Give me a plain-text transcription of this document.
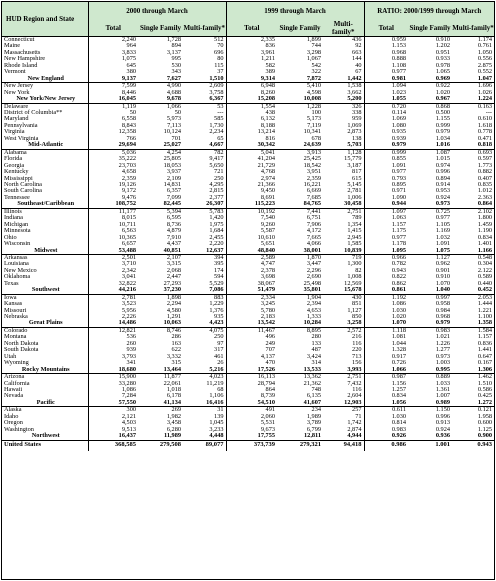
HUD Region and State	2000 through March			1999 through March			RATIO: 2000/1999 through March		
	Total	Single Family	Multi-family*	Total	Single Family	Multi-family*	Total	Single Family	Multi-family*
Connecticut	2,240	1,728	512	2,335	1,899	436	0.959	0.910	1.174
Maine	964	894	70	836	744	92	1.153	1.202	0.761
Massachusetts	3,833	3,137	696	3,961	3,298	663	0.968	0.951	1.050
New Hampshire	1,075	995	80	1,211	1,067	144	0.888	0.933	0.556
Rhode Island	645	530	115	582	542	40	1.108	0.978	2.875
Vermont	380	343	37	389	322	67	0.977	1.065	0.552
New England	9,137	7,627	1,510	9,314	7,872	1,442	0.981	0.969	1.047
New Jersey	7,599	4,990	2,609	6,948	5,410	1,538	1.094	0.922	1.696
New York	8,446	4,688	3,758	8,260	4,598	3,662	1.023	1.020	1.026
New York/New Jersey	16,045	9,678	6,367	15,208	10,008	5,200	1.055	0.967	1.224
Delaware	1,119	1,066	53	1,554	1,228	326	0.720	0.868	0.163
District of Columbia**	50	50	---	438	100	338	0.114	0.500	---
Maryland	6,558	5,973	585	6,132	5,173	959	1.069	1.155	0.610
Pennsylvania	8,843	7,113	1,730	8,188	7,119	1,069	1.080	0.999	1.618
Virginia	12,358	10,124	2,234	13,214	10,341	2,873	0.935	0.979	0.778
West Virginia	766	701	65	816	678	138	0.939	1.034	0.471
Mid-Atlantic	29,694	25,027	4,667	30,342	24,639	5,703	0.979	1.016	0.818
Alabama	5,036	4,254	782	5,041	3,913	1,128	0.999	1.087	0.693
Florida	35,222	25,805	9,417	41,204	25,425	15,779	0.855	1.015	0.597
Georgia	23,703	18,053	5,650	21,729	18,542	3,187	1.091	0.974	1.773
Kentucky	4,658	3,937	721	4,768	3,951	817	0.977	0.996	0.882
Mississippi	2,359	2,109	250	2,974	2,359	615	0.793	0.894	0.407
North Carolina	19,126	14,831	4,295	21,366	16,221	5,145	0.895	0.914	0.835
South Carolina	9,172	6,357	2,815	9,450	6,669	2,781	0.971	0.953	1.012
Tennessee	9,476	7,099	2,377	8,691	7,685	1,006	1.090	0.924	2.363
Southeast/Caribbean	108,752	82,445	26,307	115,223	84,765	30,458	0.944	0.973	0.864
Illinois	11,177	5,394	5,783	10,192	7,441	2,751	1.097	0.725	2.102
Indiana	8,015	6,595	1,420	7,540	6,751	789	1.063	0.977	1.800
Michigan	10,711	8,736	1,975	9,260	7,906	1,354	1.157	1.105	1.459
Minnesota	6,563	4,879	1,684	5,587	4,172	1,415	1.175	1.169	1.190
Ohio	10,365	7,910	2,455	10,610	7,665	2,945	0.977	1.032	0.834
Wisconsin	6,657	4,437	2,220	5,651	4,066	1,585	1.178	1.091	1.401
Midwest	53,488	40,851	12,637	48,840	38,001	10,839	1.095	1.075	1.166
Arkansas	2,501	2,107	394	2,589	1,870	719	0.966	1.127	0.548
Louisiana	3,710	3,315	395	4,747	3,447	1,300	0.782	0.962	0.304
New Mexico	2,342	2,068	174	2,378	2,296	82	0.943	0.901	2.122
Oklahoma	3,041	2,447	594	3,698	2,690	1,008	0.822	0.910	0.589
Texas	32,822	27,293	5,529	38,067	25,498	12,569	0.862	1.070	0.440
Southwest	44,216	37,230	7,086	51,479	35,801	15,678	0.861	1.040	0.452
Iowa	2,781	1,898	883	2,334	1,904	430	1.192	0.997	2.053
Kansas	3,523	2,294	1,229	3,245	2,394	851	1.086	0.958	1.444
Missouri	5,956	4,580	1,376	5,780	4,653	1,127	1.030	0.984	1.221
Nebraska	2,226	1,291	935	2,183	1,333	850	1.020	0.968	1.100
Great Plains	14,486	10,063	4,423	13,542	10,284	3,258	1.070	0.979	1.358
Colorado	12,821	8,746	4,075	11,467	8,895	2,572	1.118	0.983	1.584
Montana	536	286	250	496	280	216	1.081	1.021	1.157
North Dakota	260	163	97	249	133	116	1.044	1.226	0.836
South Dakota	939	622	317	707	487	220	1.328	1.277	1.441
Utah	3,793	3,332	461	4,137	3,424	713	0.917	0.973	0.647
Wyoming	341	315	26	470	314	156	0.726	1.003	0.167
Rocky Mountains	18,680	13,464	5,216	17,526	13,533	3,993	1.066	0.995	1.306
Arizona	15,900	11,877	4,023	16,113	13,362	2,751	0.987	0.889	1.462
California	33,280	22,061	11,219	28,794	21,362	7,432	1.156	1.033	1.510
Hawaii	1,086	1,018	68	864	748	116	1.257	1.361	0.586
Nevada	7,284	6,178	1,106	8,739	6,135	2,604	0.834	1.007	0.425
Pacific	57,550	41,134	16,416	54,510	41,607	12,903	1.056	0.989	1.272
Alaska	300	269	31	491	234	257	0.611	1.150	0.121
Idaho	2,121	1,982	139	2,060	1,989	71	1.030	0.996	1.958
Oregon	4,503	3,458	1,045	5,531	3,789	1,742	0.814	0.913	0.600
Washington	9,513	6,280	3,233	9,673	6,799	2,874	0.983	0.924	1.125
Northwest	16,437	11,989	4,448	17,755	12,811	4,944	0.926	0.936	0.900
United States	368,585	279,508	89,077	373,739	279,321	94,418	0.986	1.001	0.943
